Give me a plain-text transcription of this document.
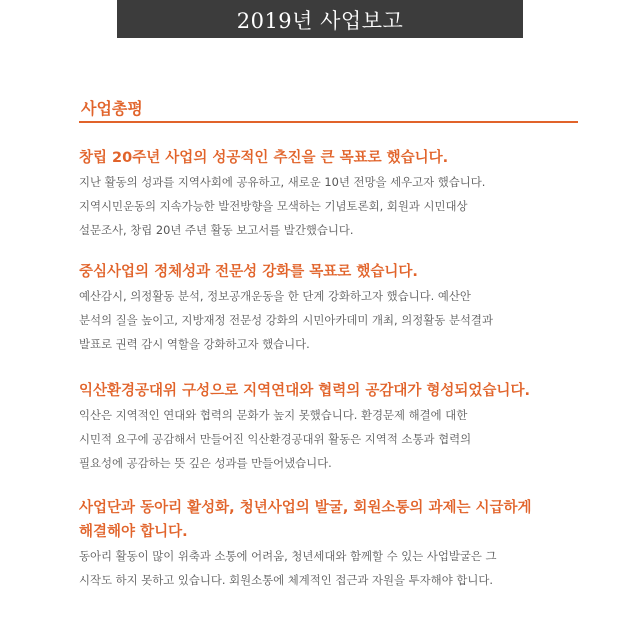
2019년 사업보고
사업총평

창립 20주년 사업의 성공적인 추진을 큰 목표로 했습니다.

지난 활동의 성과를 지역사회에 공유하고, 새로운 10년 전망을 세우고자 했습니다.
지역시민운동의 지속가능한 발전방향을 모색하는 기념토론회, 회원과 시민대상
설문조사, 창립 20년 주년 활동 보고서를 발간했습니다.

중심사업의 정체성과 전문성 강화를 목표로 했습니다.

예산감시, 의정활동 분석, 정보공개운동을 한 단계 강화하고자 했습니다. 예산안
분석의 질을 높이고, 지방재정 전문성 강화의 시민아카데미 개최, 의정활동 분석결과
발표로 권력 감시 역할을 강화하고자 했습니다.

익산환경공대위 구성으로 지역연대와 협력의 공감대가 형성되었습니다.

익산은 지역적인 연대와 협력의 문화가 높지 못했습니다. 환경문제 해결에 대한
시민적 요구에 공감해서 만들어진 익산환경공대위 활동은 지역적 소통과 협력의
필요성에 공감하는 뜻 깊은 성과를 만들어냈습니다.

사업단과 동아리 활성화, 청년사업의 발굴, 회원소통의 과제는 시급하게
해결해야 합니다.

동아리 활동이 많이 위축과 소통에 어려움, 청년세대와 함께할 수 있는 사업발굴은 그
시작도 하지 못하고 있습니다. 회원소통에 체계적인 접근과 자원을 투자해야 합니다.
